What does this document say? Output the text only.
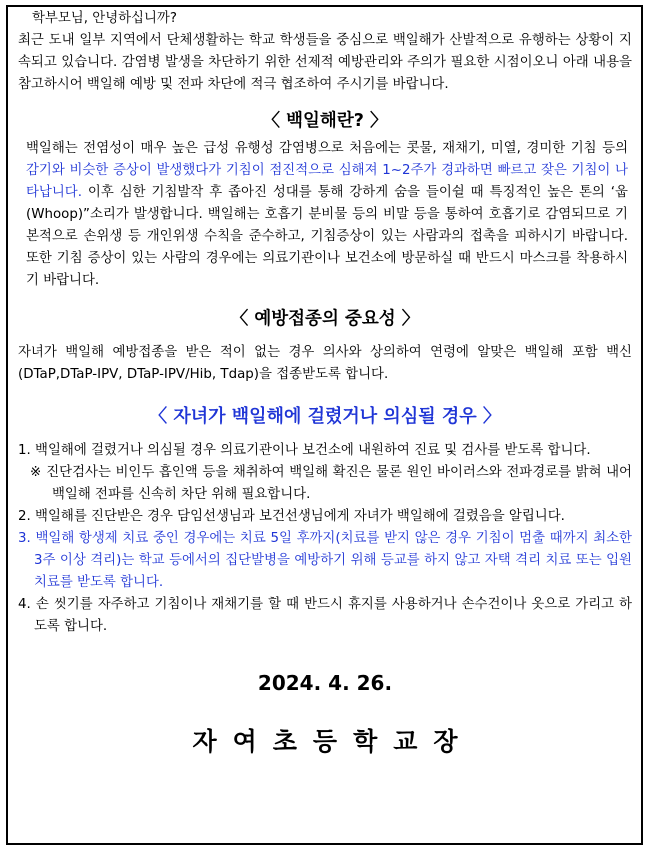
학부모님, 안녕하십니까?

최근 도내 일부 지역에서 단체생활하는 학교 학생들을 중심으로 백일해가 산발적으로 유행하는 상황이 지속되고 있습니다. 감염병 발생을 차단하기 위한 선제적 예방관리와 주의가 필요한 시점이오니 아래 내용을 참고하시어 백일해 예방 및 전파 차단에 적극 협조하여 주시기를 바랍니다.

〈 백일해란? 〉

백일해는 전염성이 매우 높은 급성 유행성 감염병으로 처음에는 콧물, 재채기, 미열, 경미한 기침 등의 감기와 비슷한 증상이 발생했다가 기침이 점진적으로 심해져 1~2주가 경과하면 빠르고 잦은 기침이 나타납니다. 이후 심한 기침발작 후 좁아진 성대를 통해 강하게 숨을 들이쉴 때 특징적인 높은 톤의 ‘웁(Whoop)”소리가 발생합니다. 백일해는 호흡기 분비물 등의 비말 등을 통하여 호흡기로 감염되므로 기본적으로 손위생 등 개인위생 수칙을 준수하고, 기침증상이 있는 사람과의 접촉을 피하시기 바랍니다. 또한 기침 증상이 있는 사람의 경우에는 의료기관이나 보건소에 방문하실 때 반드시 마스크를 착용하시기 바랍니다.

〈 예방접종의 중요성 〉

자녀가 백일해 예방접종을 받은 적이 없는 경우 의사와 상의하여 연령에 알맞은 백일해 포함 백신(DTaP,DTaP-IPV, DTaP-IPV/Hib, Tdap)을 접종받도록 합니다.

〈 자녀가 백일해에 걸렸거나 의심될 경우 〉

1. 백일해에 걸렸거나 의심될 경우 의료기관이나 보건소에 내원하여 진료 및 검사를 받도록 합니다.

※ 진단검사는 비인두 흡인액 등을 채취하여 백일해 확진은 물론 원인 바이러스와 전파경로를 밝혀 내어 백일해 전파를 신속히 차단 위해 필요합니다.

2. 백일해를 진단받은 경우 담임선생님과 보건선생님에게 자녀가 백일해에 걸렸음을 알립니다.

3. 백일해 항생제 치료 중인 경우에는 치료 5일 후까지(치료를 받지 않은 경우 기침이 멈출 때까지 최소한 3주 이상 격리)는 학교 등에서의 집단발병을 예방하기 위해 등교를 하지 않고 자택 격리 치료 또는 입원 치료를 받도록 합니다.

4. 손 씻기를 자주하고 기침이나 재채기를 할 때 반드시 휴지를 사용하거나 손수건이나 옷으로 가리고 하도록 합니다.

2024. 4. 26.
자여초등학교장
